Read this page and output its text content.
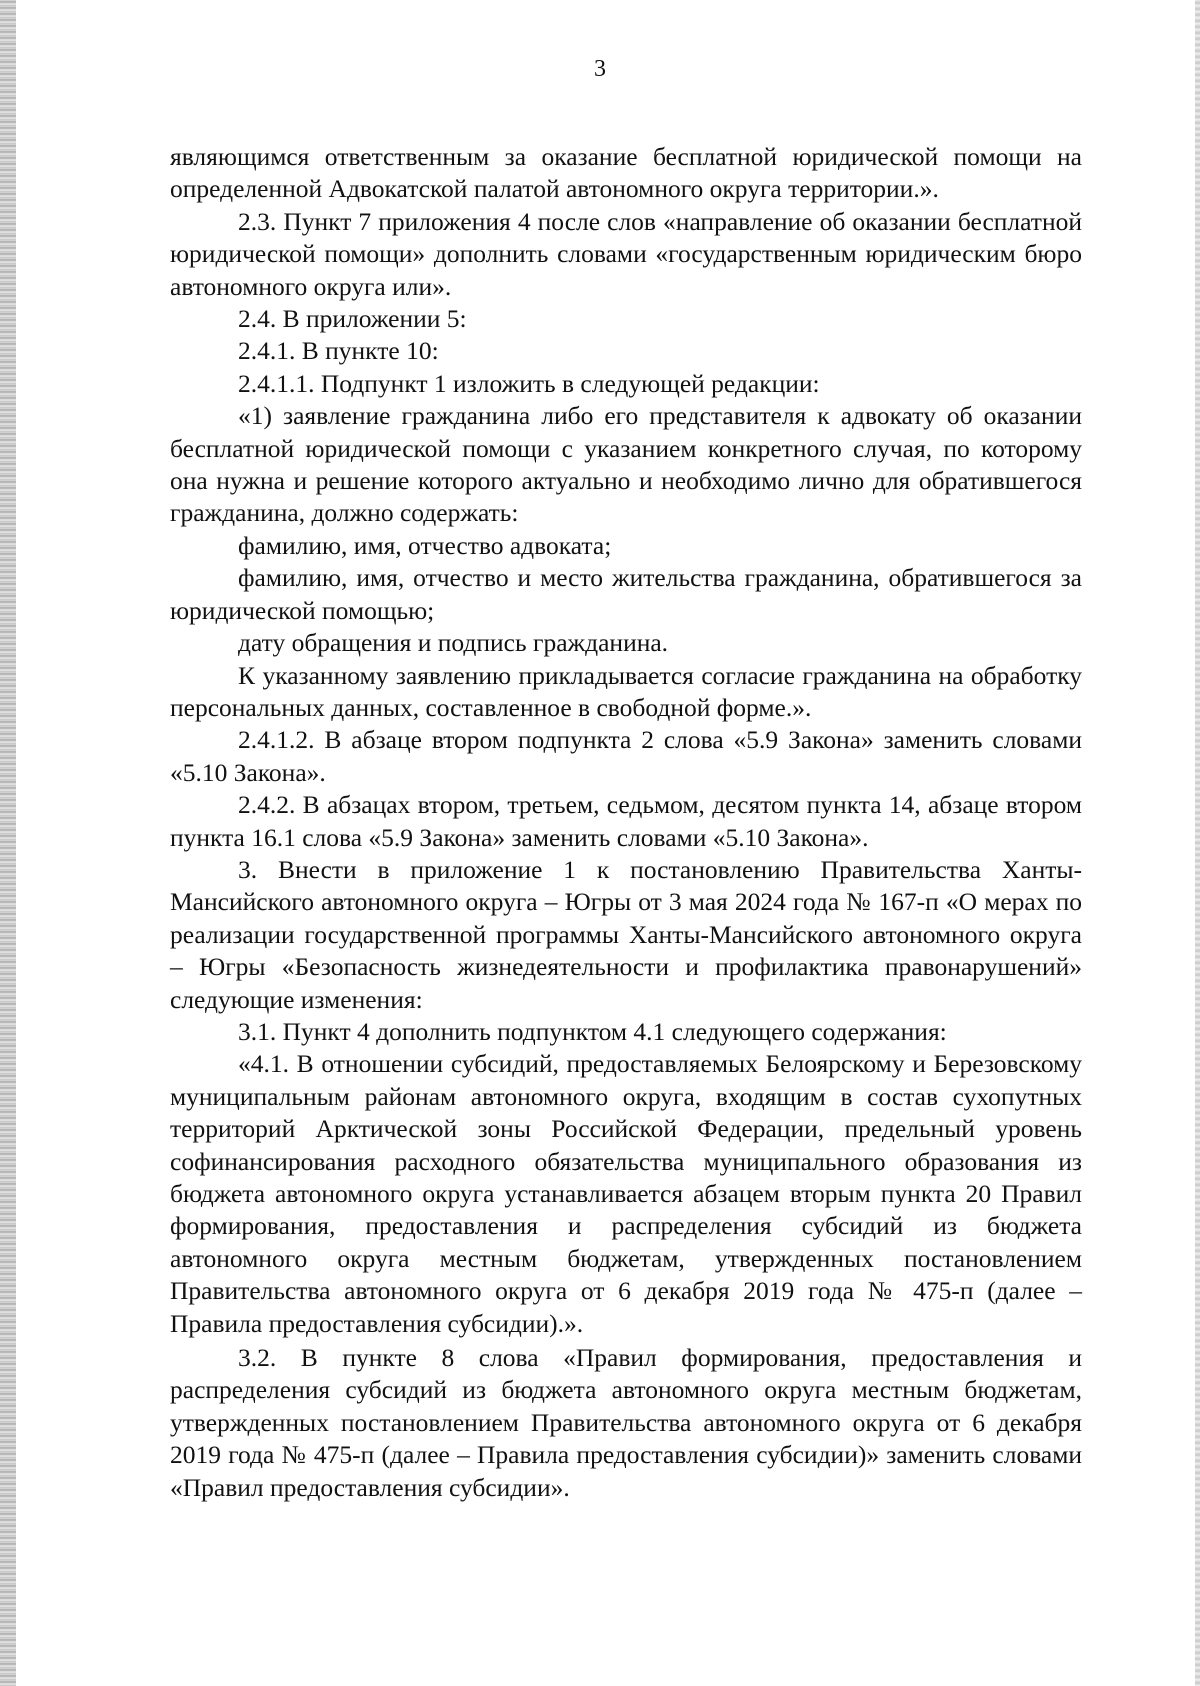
3

являющимся ответственным за оказание бесплатной юридической помощи на определенной Адвокатской палатой автономного округа территории.».

2.3. Пункт 7 приложения 4 после слов «направление об оказании бесплатной юридической помощи» дополнить словами «государственным юридическим бюро автономного округа или».

2.4. В приложении 5:

2.4.1. В пункте 10:

2.4.1.1. Подпункт 1 изложить в следующей редакции:

«1) заявление гражданина либо его представителя к адвокату об оказании бесплатной юридической помощи с указанием конкретного случая, по которому она нужна и решение которого актуально и необходимо лично для обратившегося гражданина, должно содержать:

фамилию, имя, отчество адвоката;

фамилию, имя, отчество и место жительства гражданина, обратившегося за юридической помощью;

дату обращения и подпись гражданина.

К указанному заявлению прикладывается согласие гражданина на обработку персональных данных, составленное в свободной форме.».

2.4.1.2. В абзаце втором подпункта 2 слова «5.9 Закона» заменить словами «5.10 Закона».

2.4.2. В абзацах втором, третьем, седьмом, десятом пункта 14, абзаце втором пункта 16.1 слова «5.9 Закона» заменить словами «5.10 Закона».

3. Внести в приложение 1 к постановлению Правительства Ханты-Мансийского автономного округа – Югры от 3 мая 2024 года № 167-п «О мерах по реализации государственной программы Ханты-Мансийского автономного округа – Югры «Безопасность жизнедеятельности и профилактика правонарушений» следующие изменения:

3.1. Пункт 4 дополнить подпунктом 4.1 следующего содержания:

«4.1. В отношении субсидий, предоставляемых Белоярскому и Березовскому муниципальным районам автономного округа, входящим в состав сухопутных территорий Арктической зоны Российской Федерации, предельный уровень софинансирования расходного обязательства муниципального образования из бюджета автономного округа устанавливается абзацем вторым пункта 20 Правил формирования, предоставления и распределения субсидий из бюджета автономного округа местным бюджетам, утвержденных постановлением Правительства автономного округа от 6 декабря 2019 года № 475-п (далее – Правила предоставления субсидии).».

3.2. В пункте 8 слова «Правил формирования, предоставления и распределения субсидий из бюджета автономного округа местным бюджетам, утвержденных постановлением Правительства автономного округа от 6 декабря 2019 года № 475-п (далее – Правила предоставления субсидии)» заменить словами «Правил предоставления субсидии».
